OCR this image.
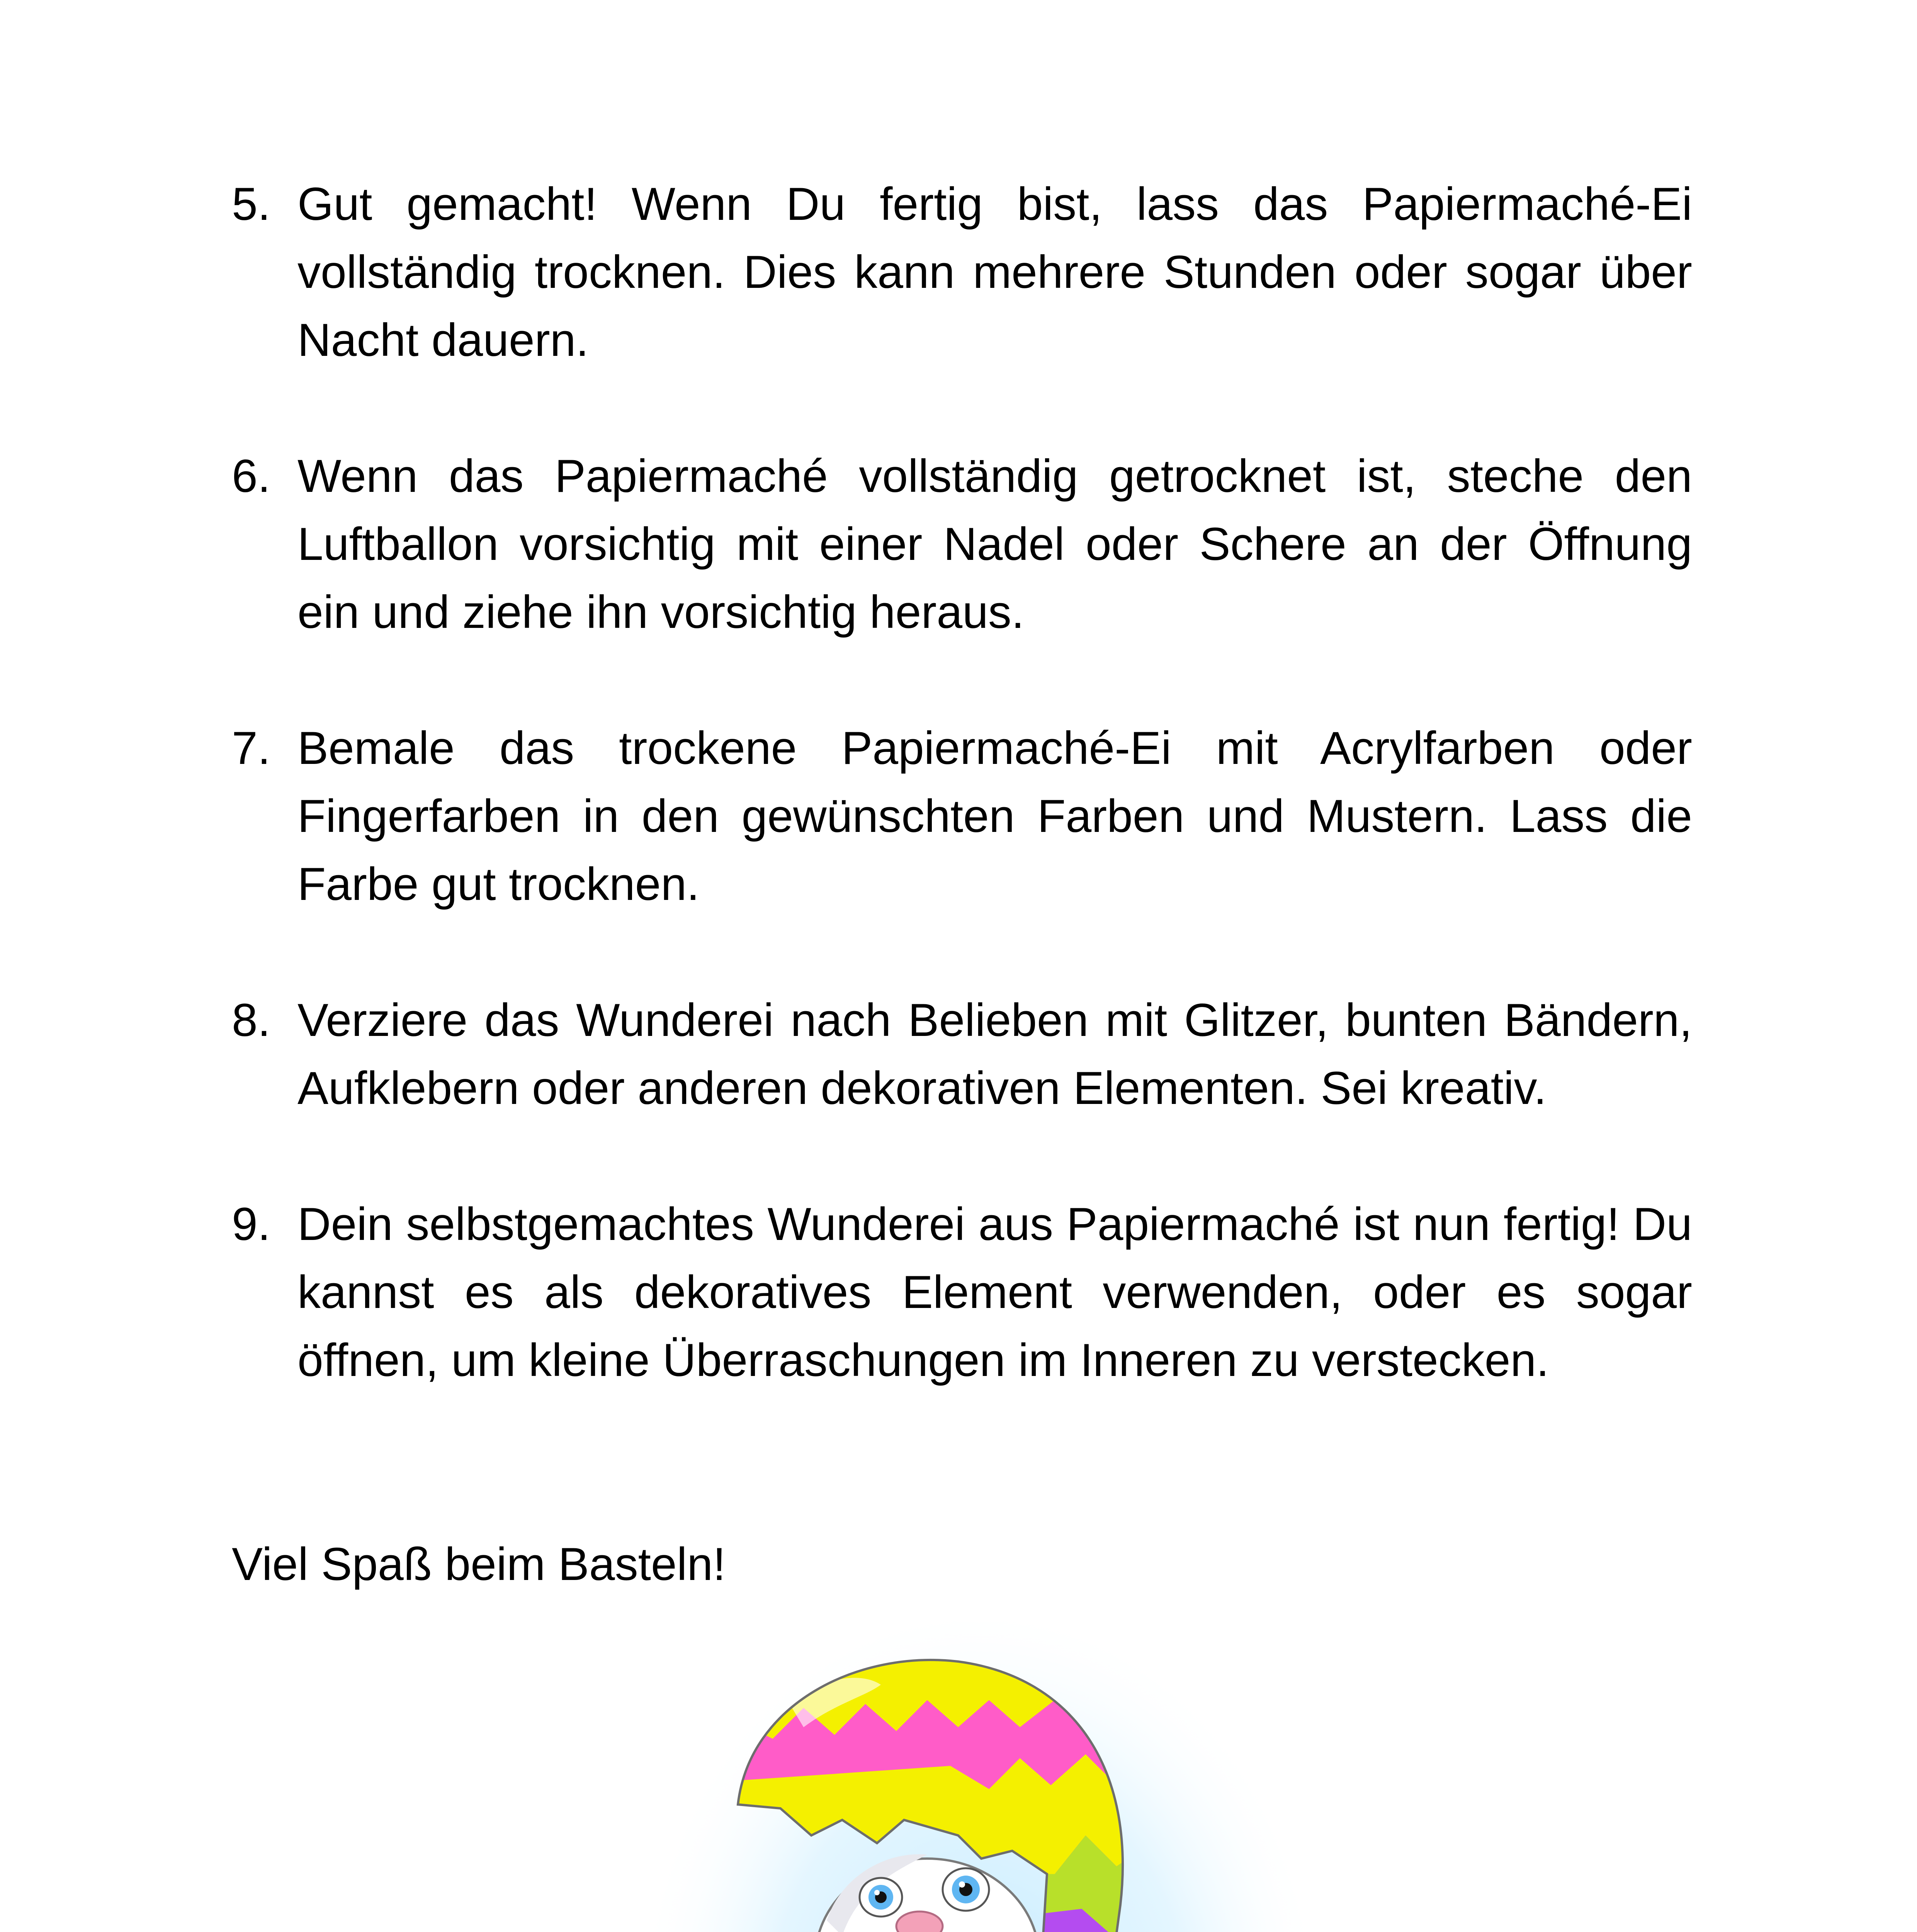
5. Gut gemacht! Wenn Du fertig bist, lass das Papiermaché-Ei vollständig trocknen. Dies kann mehrere Stunden oder sogar über Nacht dauern.
6. Wenn das Papiermaché vollständig getrocknet ist, steche den Luftballon vorsichtig mit einer Nadel oder Schere an der Öffnung ein und ziehe ihn vorsichtig heraus.
7. Bemale das trockene Papiermaché-Ei mit Acrylfarben oder Fingerfarben in den gewünschten Farben und Mustern. Lass die Farbe gut trocknen.
8. Verziere das Wunderei nach Belieben mit Glitzer, bunten Bändern, Aufklebern oder anderen dekorativen Elementen. Sei kreativ.
9. Dein selbstgemachtes Wunderei aus Papiermaché ist nun fertig! Du kannst es als dekoratives Element verwenden, oder es sogar öffnen, um kleine Überraschungen im Inneren zu verstecken.
Viel Spaß beim Basteln!
